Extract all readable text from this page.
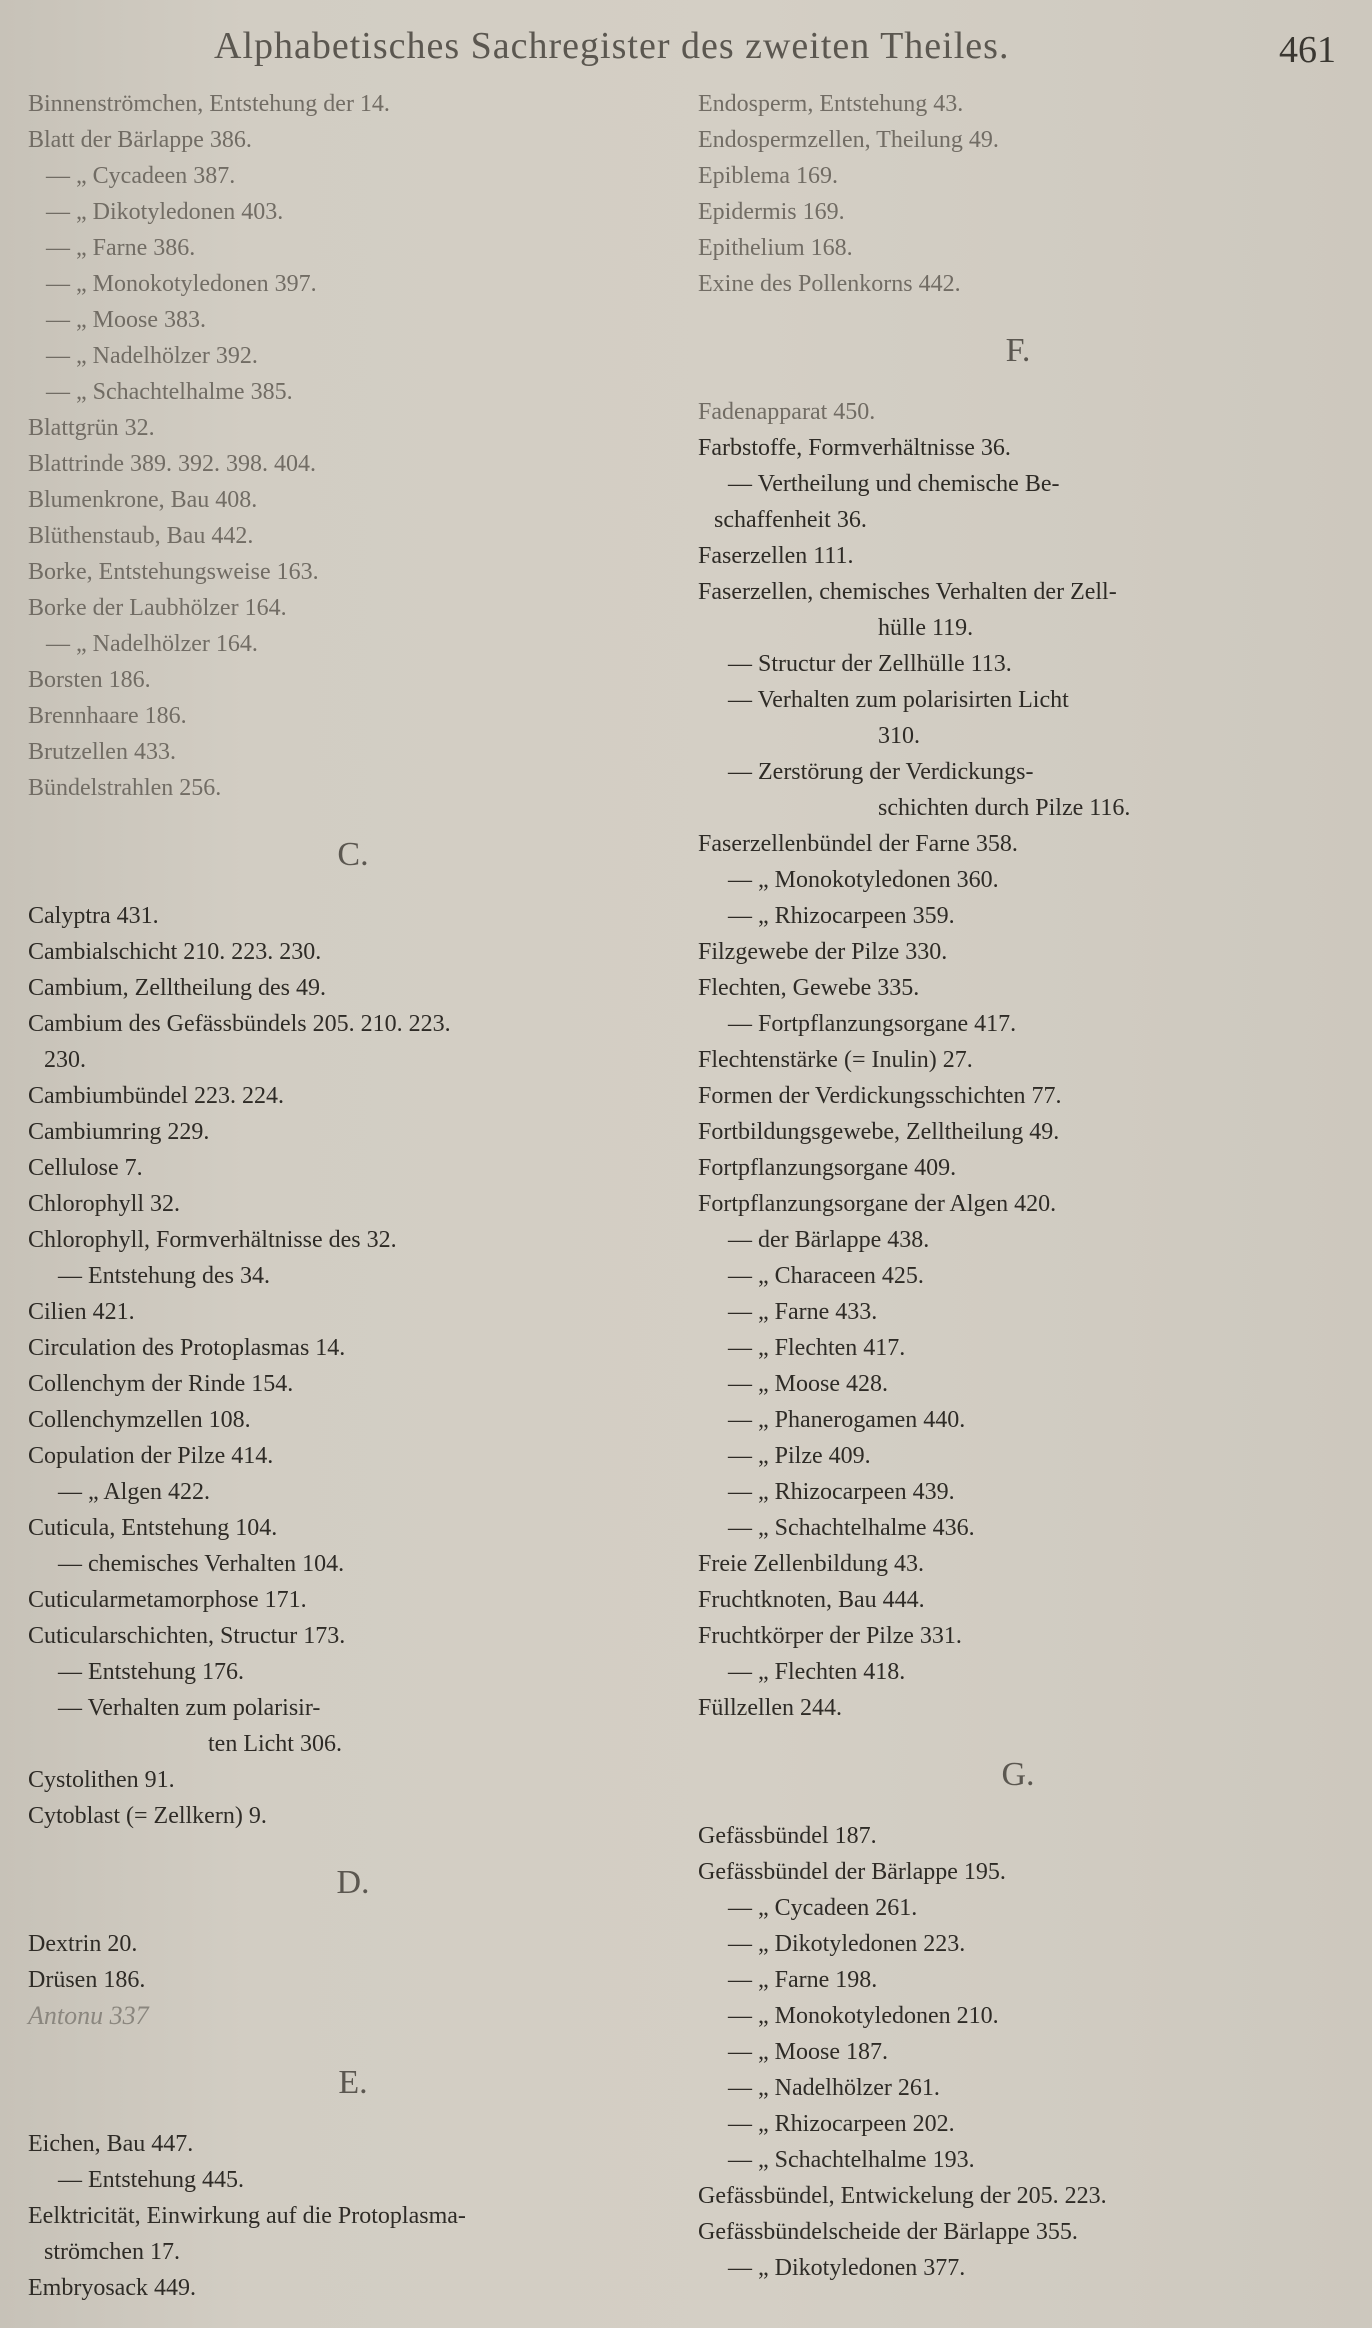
Alphabetisches Sachregister des zweiten Theiles.	461
Binnenströmchen, Entstehung der 14.
Blatt der Bärlappe 386.
— „ Cycadeen 387.
— „ Dikotyledonen 403.
— „ Farne 386.
— „ Monokotyledonen 397.
— „ Moose 383.
— „ Nadelhölzer 392.
— „ Schachtelhalme 385.
Blattgrün 32.
Blattrinde 389. 392. 398. 404.
Blumenkrone, Bau 408.
Blüthenstaub, Bau 442.
Borke, Entstehungsweise 163.
Borke der Laubhölzer 164.
— „ Nadelhölzer 164.
Borsten 186.
Brennhaare 186.
Brutzellen 433.
Bündelstrahlen 256.
C.
Calyptra 431.
Cambialschicht 210. 223. 230.
Cambium, Zelltheilung des 49.
Cambium des Gefässbündels 205. 210. 223.
230.
Cambiumbündel 223. 224.
Cambiumring 229.
Cellulose 7.
Chlorophyll 32.
Chlorophyll, Formverhältnisse des 32.
— Entstehung des 34.
Cilien 421.
Circulation des Protoplasmas 14.
Collenchym der Rinde 154.
Collenchymzellen 108.
Copulation der Pilze 414.
— „ Algen 422.
Cuticula, Entstehung 104.
— chemisches Verhalten 104.
Cuticularmetamorphose 171.
Cuticularschichten, Structur 173.
— Entstehung 176.
— Verhalten zum polarisir-
ten Licht 306.
Cystolithen 91.
Cytoblast (= Zellkern) 9.
D.
Dextrin 20.
Drüsen 186.
Antonu 337
E.
Eichen, Bau 447.
— Entstehung 445.
Eelktricität, Einwirkung auf die Protoplasma-
strömchen 17.
Embryosack 449.
Endosperm, Entstehung 43.
Endospermzellen, Theilung 49.
Epiblema 169.
Epidermis 169.
Epithelium 168.
Exine des Pollenkorns 442.
F.
Fadenapparat 450.
Farbstoffe, Formverhältnisse 36.
— Vertheilung und chemische Be-
schaffenheit 36.
Faserzellen 111.
Faserzellen, chemisches Verhalten der Zell-
hülle 119.
— Structur der Zellhülle 113.
— Verhalten zum polarisirten Licht
310.
— Zerstörung der Verdickungs-
schichten durch Pilze 116.
Faserzellenbündel der Farne 358.
— „ Monokotyledonen 360.
— „ Rhizocarpeen 359.
Filzgewebe der Pilze 330.
Flechten, Gewebe 335.
— Fortpflanzungsorgane 417.
Flechtenstärke (= Inulin) 27.
Formen der Verdickungsschichten 77.
Fortbildungsgewebe, Zelltheilung 49.
Fortpflanzungsorgane 409.
Fortpflanzungsorgane der Algen 420.
— der Bärlappe 438.
— „ Characeen 425.
— „ Farne 433.
— „ Flechten 417.
— „ Moose 428.
— „ Phanerogamen 440.
— „ Pilze 409.
— „ Rhizocarpeen 439.
— „ Schachtelhalme 436.
Freie Zellenbildung 43.
Fruchtknoten, Bau 444.
Fruchtkörper der Pilze 331.
— „ Flechten 418.
Füllzellen 244.
G.
Gefässbündel 187.
Gefässbündel der Bärlappe 195.
— „ Cycadeen 261.
— „ Dikotyledonen 223.
— „ Farne 198.
— „ Monokotyledonen 210.
— „ Moose 187.
— „ Nadelhölzer 261.
— „ Rhizocarpeen 202.
— „ Schachtelhalme 193.
Gefässbündel, Entwickelung der 205. 223.
Gefässbündelscheide der Bärlappe 355.
— „ Dikotyledonen 377.
